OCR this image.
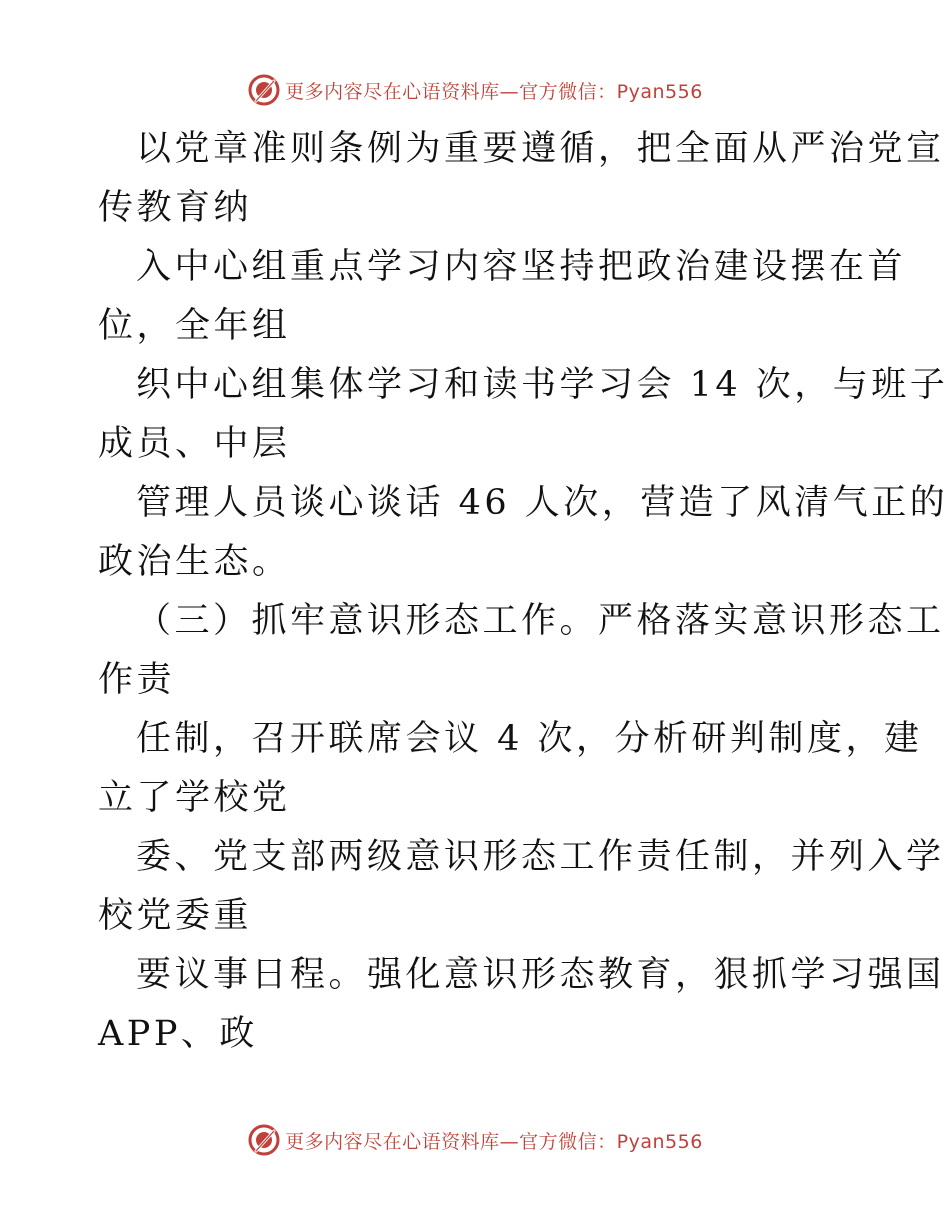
更多内容尽在心语资料库—官方微信：Pyan556
以党章准则条例为重要遵循，把全面从严治党宣
传教育纳
入中心组重点学习内容坚持把政治建设摆在首
位，全年组
织中心组集体学习和读书学习会 14 次，与班子
成员、中层
管理人员谈心谈话 46 人次，营造了风清气正的
政治生态。
（三）抓牢意识形态工作。严格落实意识形态工
作责
任制，召开联席会议 4 次，分析研判制度，建
立了学校党
委、党支部两级意识形态工作责任制，并列入学
校党委重
要议事日程。强化意识形态教育，狠抓学习强国
APP、政
更多内容尽在心语资料库—官方微信：Pyan556
